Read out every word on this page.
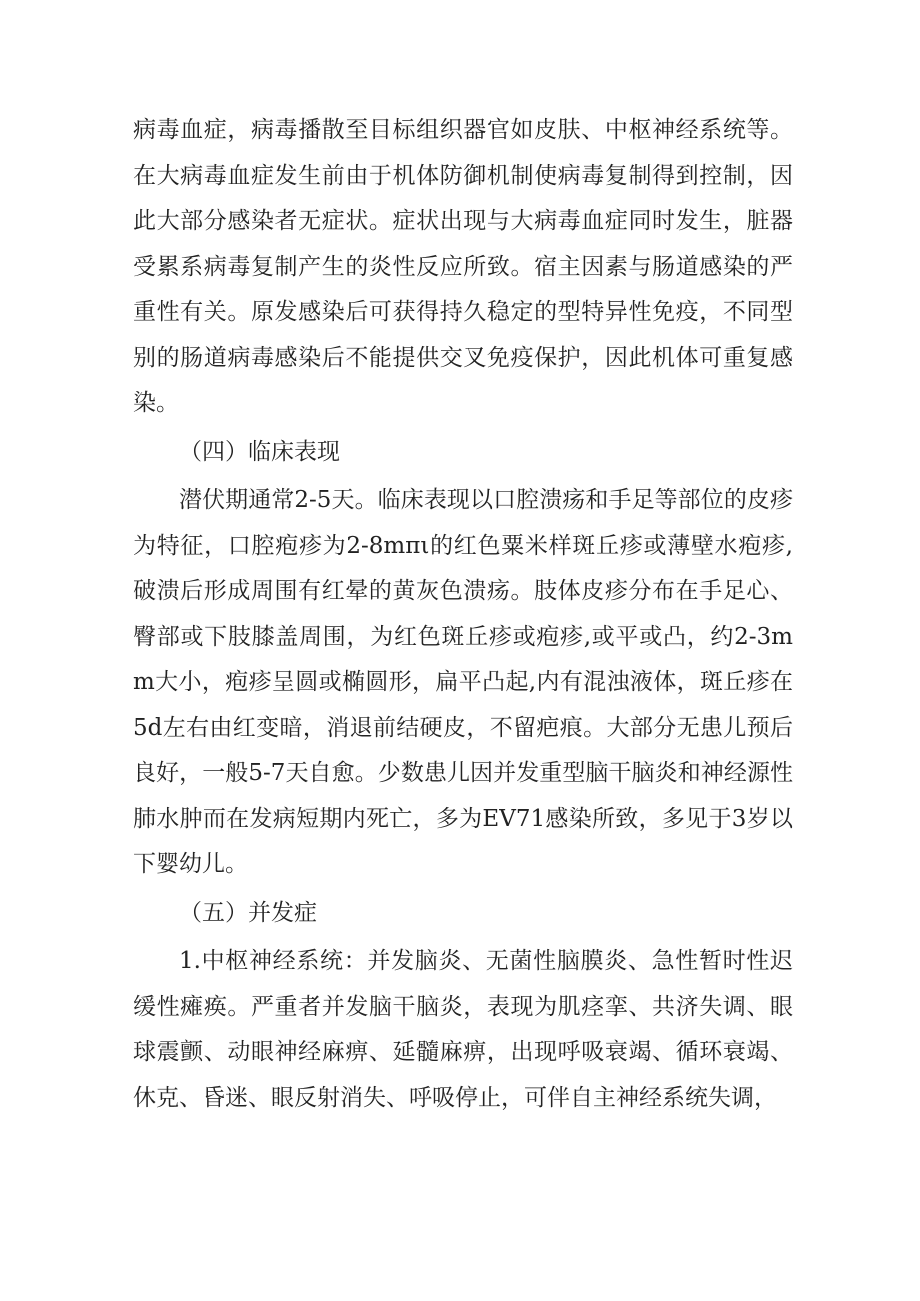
病毒血症，病毒播散至目标组织器官如皮肤、中枢神经系统等。在大病毒血症发生前由于机体防御机制使病毒复制得到控制，因此大部分感染者无症状。症状出现与大病毒血症同时发生，脏器受累系病毒复制产生的炎性反应所致。宿主因素与肠道感染的严重性有关。原发感染后可获得持久稳定的型特异性免疫，不同型别的肠道病毒感染后不能提供交叉免疫保护，因此机体可重复感染。

（四）临床表现

潜伏期通常2-5天。临床表现以口腔溃疡和手足等部位的皮疹为特征，口腔疱疹为2-8mπι的红色粟米样斑丘疹或薄壁水疱疹,破溃后形成周围有红晕的黄灰色溃疡。肢体皮疹分布在手足心、臀部或下肢膝盖周围，为红色斑丘疹或疱疹,或平或凸，约2-3mm大小，疱疹呈圆或椭圆形，扁平凸起,内有混浊液体，斑丘疹在5d左右由红变暗，消退前结硬皮，不留疤痕。大部分无患儿预后良好，一般5-7天自愈。少数患儿因并发重型脑干脑炎和神经源性肺水肿而在发病短期内死亡，多为EV71感染所致，多见于3岁以下婴幼儿。

（五）并发症

1.中枢神经系统：并发脑炎、无菌性脑膜炎、急性暂时性迟缓性瘫痪。严重者并发脑干脑炎，表现为肌痉挛、共济失调、眼球震颤、动眼神经麻痹、延髓麻痹，出现呼吸衰竭、循环衰竭、休克、昏迷、眼反射消失、呼吸停止，可伴自主神经系统失调，
